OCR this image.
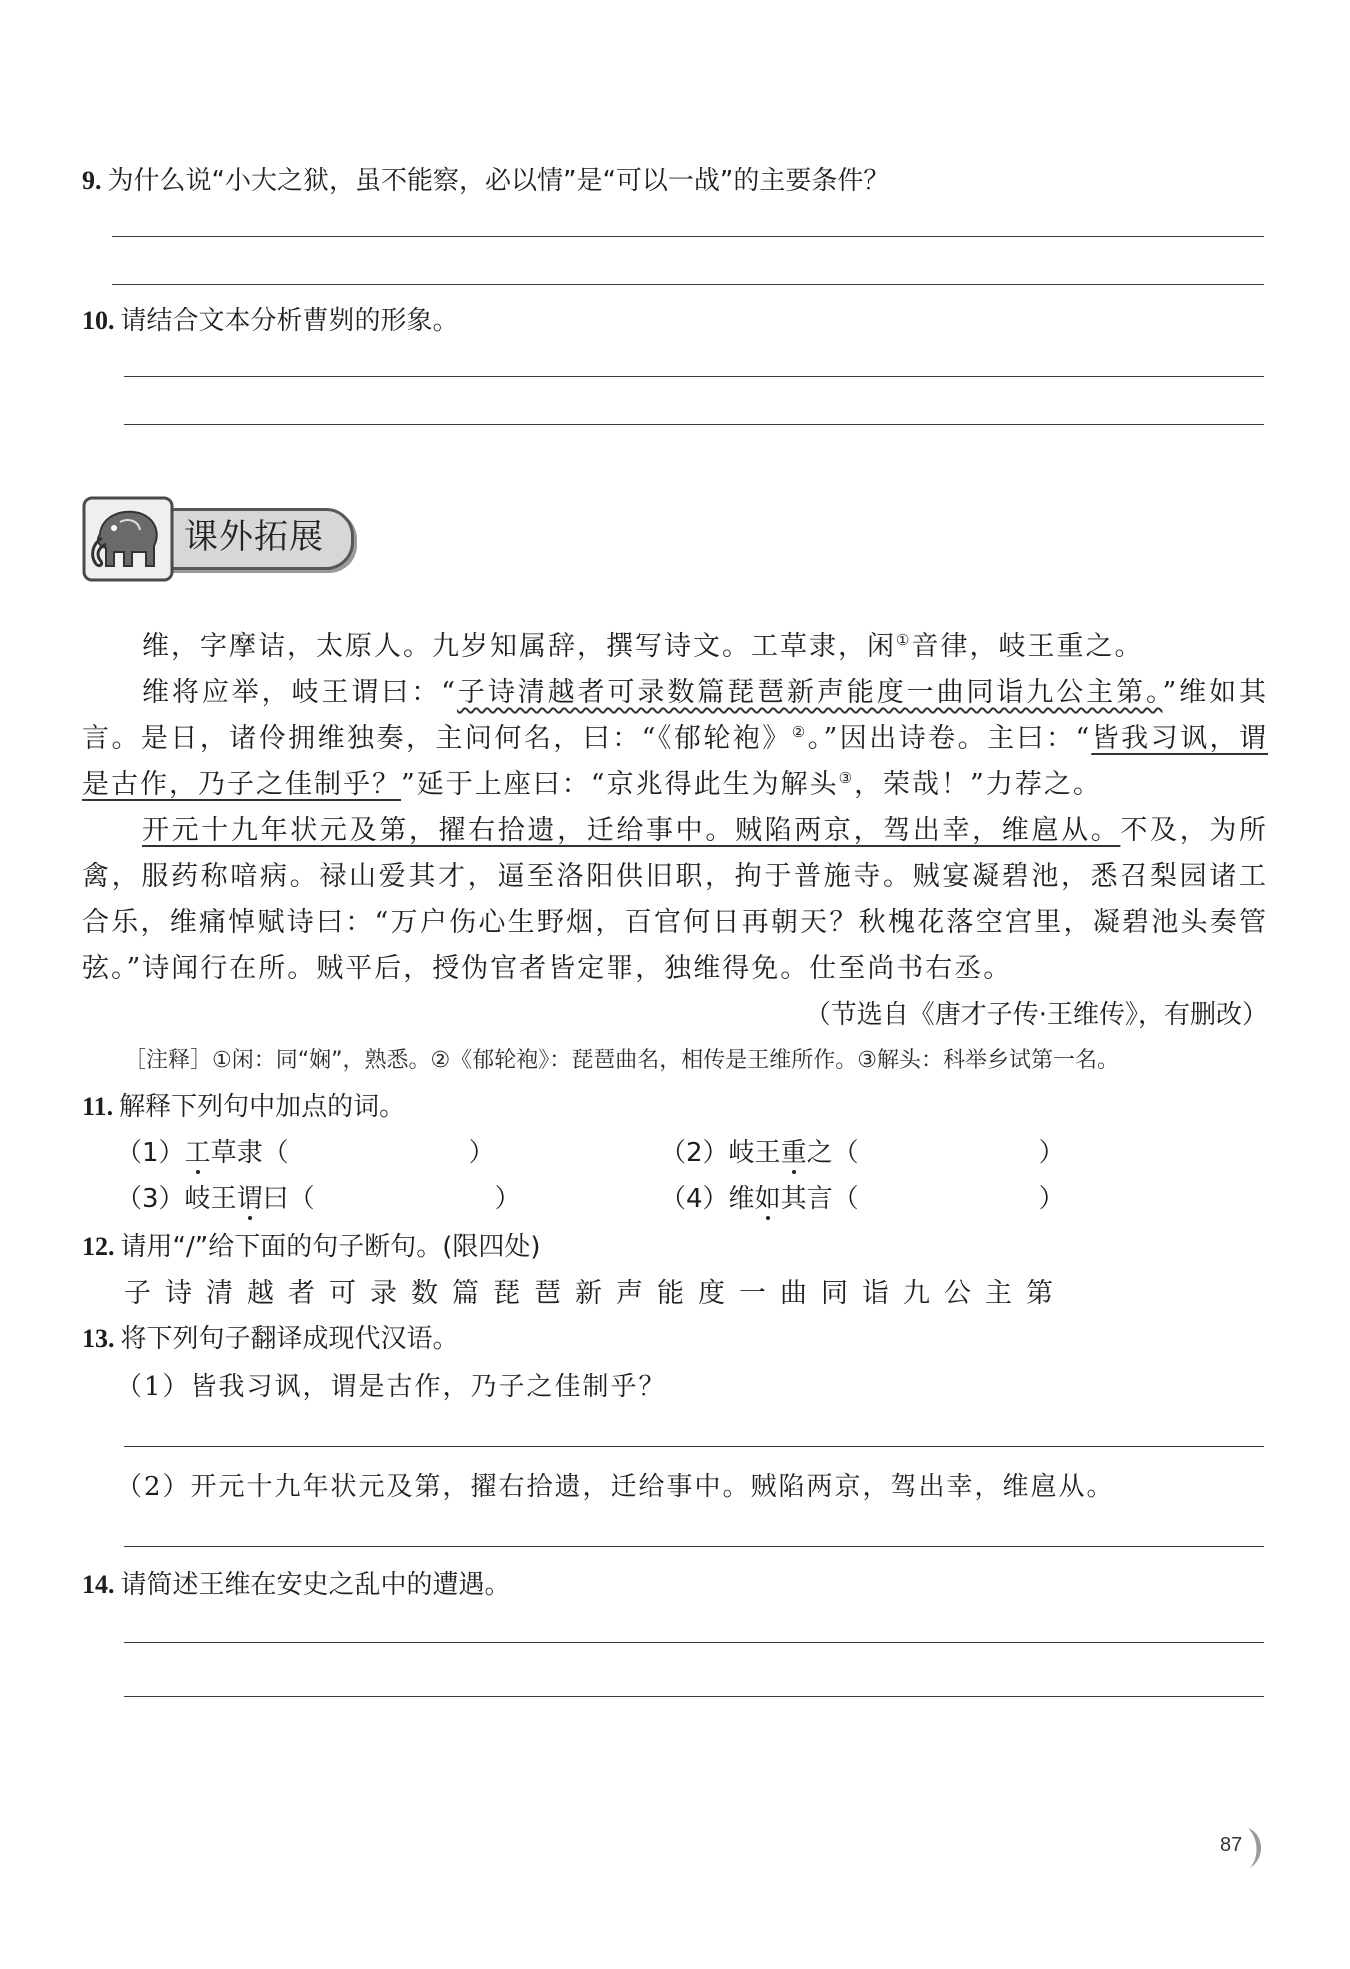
9. 为什么说“小大之狱，虽不能察，必以情”是“可以一战”的主要条件？
10. 请结合文本分析曹刿的形象。
课外拓展

维，字摩诘，太原人。九岁知属辞，撰写诗文。工草隶，闲①音律，岐王重之。

维将应举，岐王谓曰：“子诗清越者可录数篇琵琶新声能度一曲同诣九公主第。”维如其言。是日，诸伶拥维独奏，主问何名，曰：“《郁轮袍》②。”因出诗卷。主曰：“皆我习讽，谓是古作，乃子之佳制乎？”延于上座曰：“京兆得此生为解头③，荣哉！”力荐之。

开元十九年状元及第，擢右拾遗，迁给事中。贼陷两京，驾出幸，维扈从。不及，为所禽，服药称喑病。禄山爱其才，逼至洛阳供旧职，拘于普施寺。贼宴凝碧池，悉召梨园诸工合乐，维痛悼赋诗曰：“万户伤心生野烟，百官何日再朝天？秋槐花落空宫里，凝碧池头奏管弦。”诗闻行在所。贼平后，授伪官者皆定罪，独维得免。仕至尚书右丞。

（节选自《唐才子传·王维传》，有删改）
［注释］①闲：同“娴”，熟悉。②《郁轮袍》：琵琶曲名，相传是王维所作。③解头：科举乡试第一名。
11. 解释下列句中加点的词。
（1）工草隶（	）	（2）岐王重之（	）
（3）岐王谓曰（	）	（4）维如其言（	）
12. 请用“/”给下面的句子断句。(限四处)
子诗清越者可录数篇琵琶新声能度一曲同诣九公主第
13. 将下列句子翻译成现代汉语。
（1）皆我习讽，谓是古作，乃子之佳制乎？
（2）开元十九年状元及第，擢右拾遗，迁给事中。贼陷两京，驾出幸，维扈从。
14. 请简述王维在安史之乱中的遭遇。
87
